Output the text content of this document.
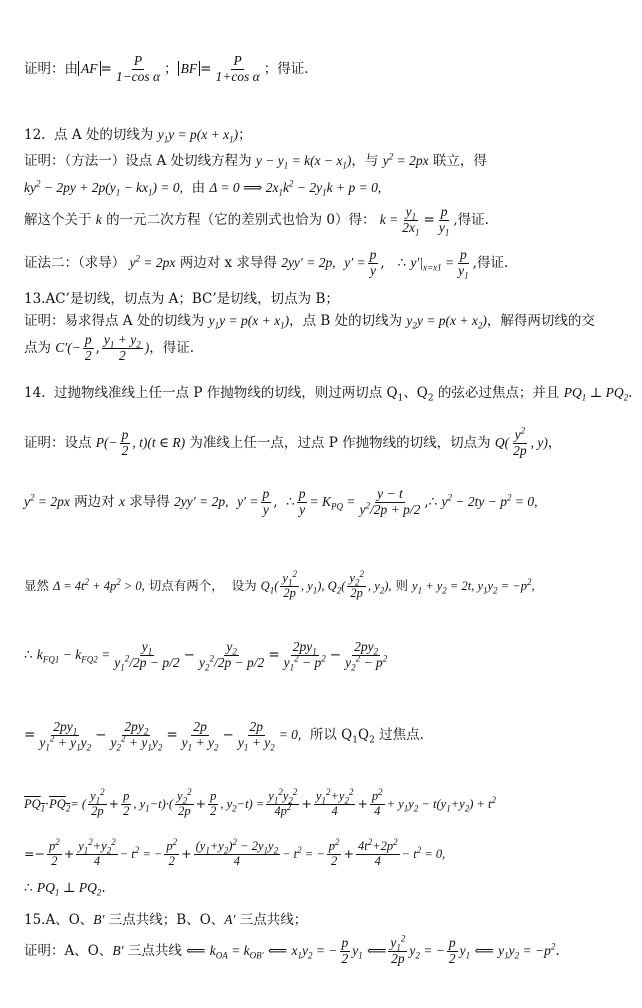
证明：由 AF = $\frac{P}{\text{1−cos α}}$ ； BF = $\frac{P}{\text{1+cos α}}$ ；得证.
12.  点 A 处的切线为 $y_1y = p(x + x_1)$；
证明：（方法一）设点 A 处切线方程为 $y - y_1 = k(x - x_1)$，与 $y^2 = 2px$ 联立，得
$ky^2 - 2py + 2p(y_1 - kx_1) = 0$,  由 Δ = 0 ⟹ $2x_1k^2 - 2y_1k + p = 0$,
解这个关于 k 的一元二次方程（它的差别式也恰为 0）得： $k = \frac{y_1}{2x_1} = \frac{p}{y_1}$ ,得证.
证法二：（求导） $y^2 = 2px$ 两边对 x 求导得 2yy′ = 2p, $y' = \frac{p}{y}$ ,   ∴ $y'|_{x=x1} = \frac{p}{y_1}$ ,得证.
13.AC’是切线，切点为 A；BC’是切线，切点为 B；
证明：易求得点 A 处的切线为 $y_1y = p(x + x_1)$，点 B 处的切线为 $y_2y = p(x + x_2)$，解得两切线的交
点为 $C'(- \frac{p}{2}$ , $\frac{y_1 + y_2}{2}$ )，得证.
14.  过抛物线准线上任一点 P 作抛物线的切线，则过两切点 $Q_1$、$Q_2$ 的弦必过焦点；并且 $PQ_1$ ⊥ $PQ_2$.
证明：设点 $P(- \frac{p}{2}$ , t)(t ∈ R) 为准线上任一点，过点 P 作抛物线的切线，切点为 $Q( \frac{y^2}{2p}$ , y)，
$y^2 = 2px$ 两边对 x 求导得 2yy′ = 2p, $y' = \frac{p}{y}$ ,  ∴ $\frac{p}{y} = K_{PQ} = \frac{y - t}{y^2/2p + p/2}$ ,∴ $y^2 - 2ty - p^2 = 0$,
显然 $\Delta = 4t^2 + 4p^2 > 0$, 切点有两个，  设为 $Q_1( \frac{y_1^2}{2p}$ , $y_1$), $Q_2( \frac{y_2^2}{2p}$ , $y_2$), 则 $y_1 + y_2 = 2t$, $y_1y_2 = -p^2$,
∴ $k_{FQ1} - k_{FQ2} = \frac{y_1}{y_1^2/2p - p/2} - \frac{y_2}{y_2^2/2p - p/2} = \frac{2py_1}{y_1^2 - p^2} - \frac{2py_2}{y_2^2 - p^2}$
= $\frac{2py_1}{y_1^2 + y_1y_2} - \frac{2py_2}{y_2^2 + y_1y_2} = \frac{2p}{y_1 + y_2} - \frac{2p}{y_1 + y_2} = 0$,  所以 $Q_1Q_2$ 过焦点.
$PQ_1\cdot PQ_2=$ ( $\frac{y_1^2}{2p} + \frac{p}{2}$ , $y_1-t)\cdot( \frac{y_2^2}{2p} + \frac{p}{2}$ , $y_2-t) = \frac{y_1^2y_2^2}{4p^2} + \frac{y_1^2+y_2^2}{4} + \frac{p^2}{4} + y_1y_2 - t(y_1+y_2) + t^2$
=− $\frac{p^2}{2} + \frac{y_1^2+y_2^2}{4} - t^2$ = − $\frac{p^2}{2} + \frac{(y_1+y_2)^2 - 2y_1y_2}{4} - t^2$ = − $\frac{p^2}{2} + \frac{4t^2+2p^2}{4} - t^2 = 0$,
∴ $PQ_1$ ⊥ $PQ_2$.
15.A、O、B′ 三点共线；B、O、A′ 三点共线；
证明：A、O、B′ 三点共线 ⟸ $k_{OA} = k_{OB'}$ ⟸ $x_1y_2$ = − $\frac{p}{2} y_1$ ⟸ $\frac{y_1^2}{2p} y_2$ = − $\frac{p}{2} y_1$ ⟸ $y_1y_2 = -p^2$.
